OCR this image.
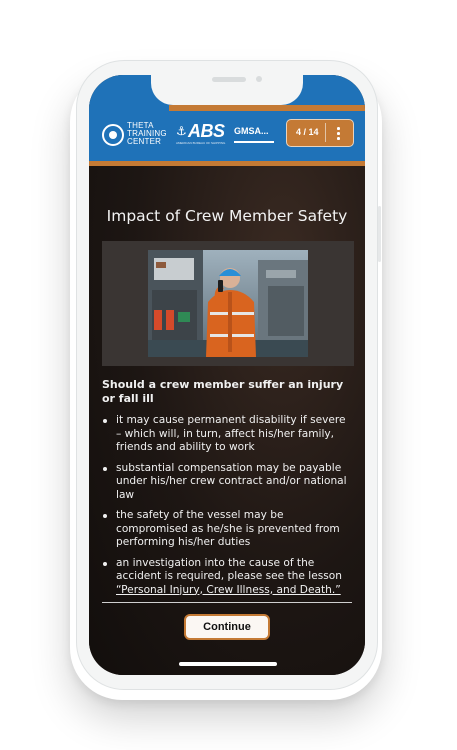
THETA
TRAINING
CENTER
⚓ ABS
AMERICAN BUREAU OF SHIPPING
GMSA...	4 / 14
Impact of Crew Member Safety

Should a crew member suffer an injury or fall ill

it may cause permanent disability if severe – which will, in turn, affect his/her family, friends and ability to work
substantial compensation may be payable under his/her crew contract and/or national law
the safety of the vessel may be compromised as he/she is prevented from performing his/her duties
an investigation into the cause of the accident is required, please see the lesson “Personal Injury, Crew Illness, and Death.”
Continue
